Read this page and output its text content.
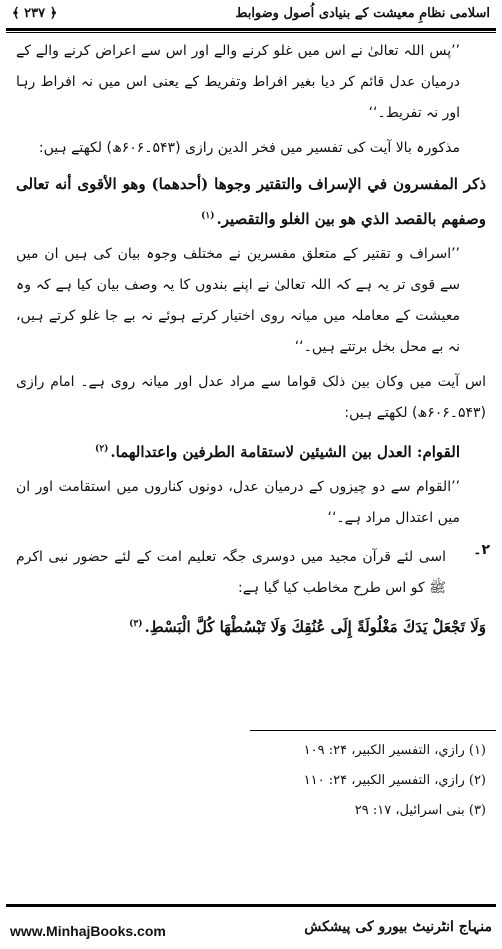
اسلامی نظامِ معیشت کے بنیادی اُصول وضوابط
﴿ ۲۳۷ ﴾

’’پس اللہ تعالیٰ نے اس میں غلو کرنے والے اور اس سے اعراض کرنے والے کے درمیان عدل قائم کر دیا بغیر افراط وتفریط کے یعنی اس میں نہ افراط رہا اور نہ تفریط۔‘‘

مذکورہ بالا آیت کی تفسیر میں فخر الدین رازی (۵۴۳۔۶۰۶ھ) لکھتے ہیں:

ذكر المفسرون في الإسراف والتقتير وجوها (أحدهما) وهو الأقوى أنه تعالى وصفهم بالقصد الذي هو بين الغلو والتقصير.$^{(۱)}$

’’اسراف و تقتیر کے متعلق مفسرین نے مختلف وجوہ بیان کی ہیں ان میں سے قوی تر یہ ہے کہ اللہ تعالیٰ نے اپنے بندوں کا یہ وصف بیان کیا ہے کہ وہ معیشت کے معاملہ میں میانہ روی اختیار کرتے ہوئے نہ بے جا غلو کرتے ہیں، نہ بے محل بخل برتتے ہیں۔‘‘

اس آیت میں وکان بین ذلک قواما سے مراد عدل اور میانہ روی ہے۔ امام رازی (۵۴۳۔۶۰۶ھ) لکھتے ہیں:

القوام: العدل بين الشيئين لاستقامة الطرفين واعتدالهما.$^{(۲)}$

’’القوام سے دو چیزوں کے درمیان عدل، دونوں کناروں میں استقامت اور ان میں اعتدال مراد ہے۔‘‘

۲۔

اسی لئے قرآن مجید میں دوسری جگہ تعلیم امت کے لئے حضور نبی اکرم ﷺ کو اس طرح مخاطب کیا گیا ہے:

وَلَا تَجْعَلْ يَدَكَ مَغْلُولَةً إِلَى عُنُقِكَ وَلَا تَبْسُطْهَا كُلَّ الْبَسْطِ.$^{(۳)}$

(۱) رازي، التفسير الكبير، ۲۴: ۱۰۹

(۲) رازي، التفسير الكبير، ۲۴: ۱۱۰

(۳) بنی اسرائیل، ۱۷: ۲۹

www.MinhajBooks.com	منہاج انٹرنیٹ بیورو کی پیشکش
